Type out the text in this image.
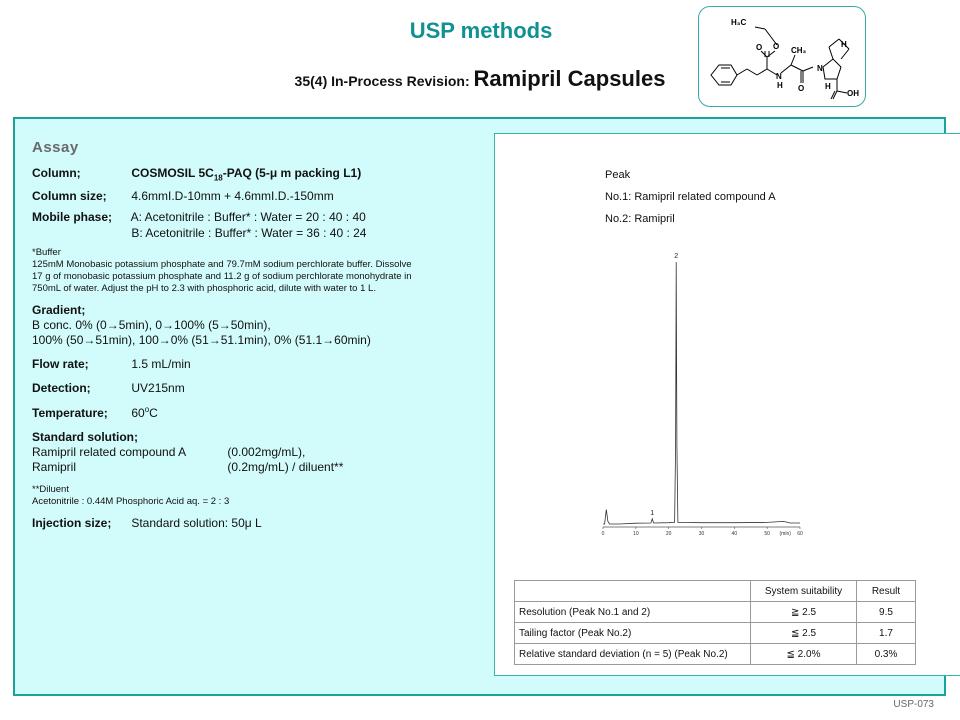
USP methods
35(4) In-Process Revision: Ramipril Capsules
H₃C
O
O
O
CH₃
N
H
N
H
H
OH
Assay
Column;	COSMOSIL $5C_{18}$-PAQ (5-μ m packing L1)
Column size; 4.6mmI.D-10mm + 4.6mmI.D.-150mm
Mobile phase; A: Acetonitrile : Buffer* : Water = 20 : 40 : 40
B: Acetonitrile : Buffer* : Water = 36 : 40 : 24
*Buffer
125mM Monobasic potassium phosphate and 79.7mM sodium perchlorate buffer. Dissolve
17 g of monobasic potassium phosphate and 11.2 g of sodium perchlorate monohydrate in
750mL of water. Adjust the pH to 2.3 with phosphoric acid, dilute with water to 1 L.
Gradient;
B conc. 0% (0→5min), 0→100% (5→50min),
100% (50→51min), 100→0% (51→51.1min), 0% (51.1→60min)
Flow rate;	1.5 mL/min
Detection;	UV215nm
Temperature; 60$^o$C
Standard solution;
Ramipril related compound A	(0.002mg/mL),
Ramipril	(0.2mg/mL) / diluent**
**Diluent
Acetonitrile : 0.44M Phosphoric Acid aq. = 2 : 3
Injection size; Standard solution: 50μ L
Peak
No.1: Ramipril related compound A
No.2: Ramipril
0	10	20	30	40	50 (min) 60
1
2
	System suitability	Result
Resolution (Peak No.1 and 2)	≧ 2.5	9.5
Tailing factor (Peak No.2)	≦ 2.5	1.7
Relative standard deviation (n = 5) (Peak No.2)	≦ 2.0%	0.3%
USP-073
